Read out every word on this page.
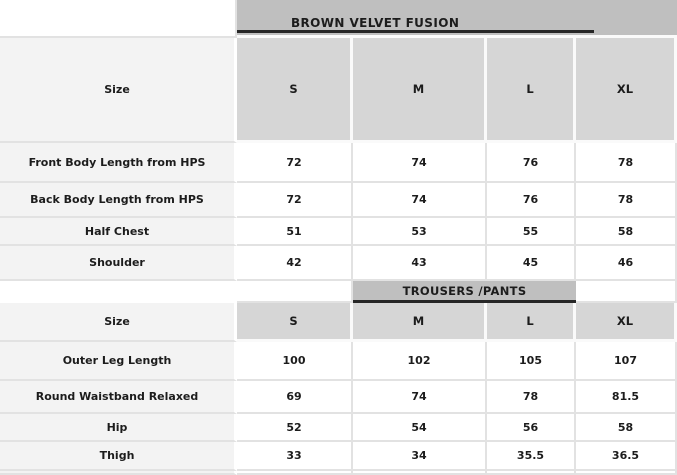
BROWN VELVET FUSION
Size	S	M	L	XL
Front Body Length from HPS	72	74	76	78
Back Body Length from HPS	72	74	76	78
Half Chest	51	53	55	58
Shoulder	42	43	45	46
TROUSERS /PANTS
Size	S	M	L	XL
Outer Leg Length	100	102	105	107
Round Waistband Relaxed	69	74	78	81.5
Hip	52	54	56	58
Thigh	33	34	35.5	36.5
